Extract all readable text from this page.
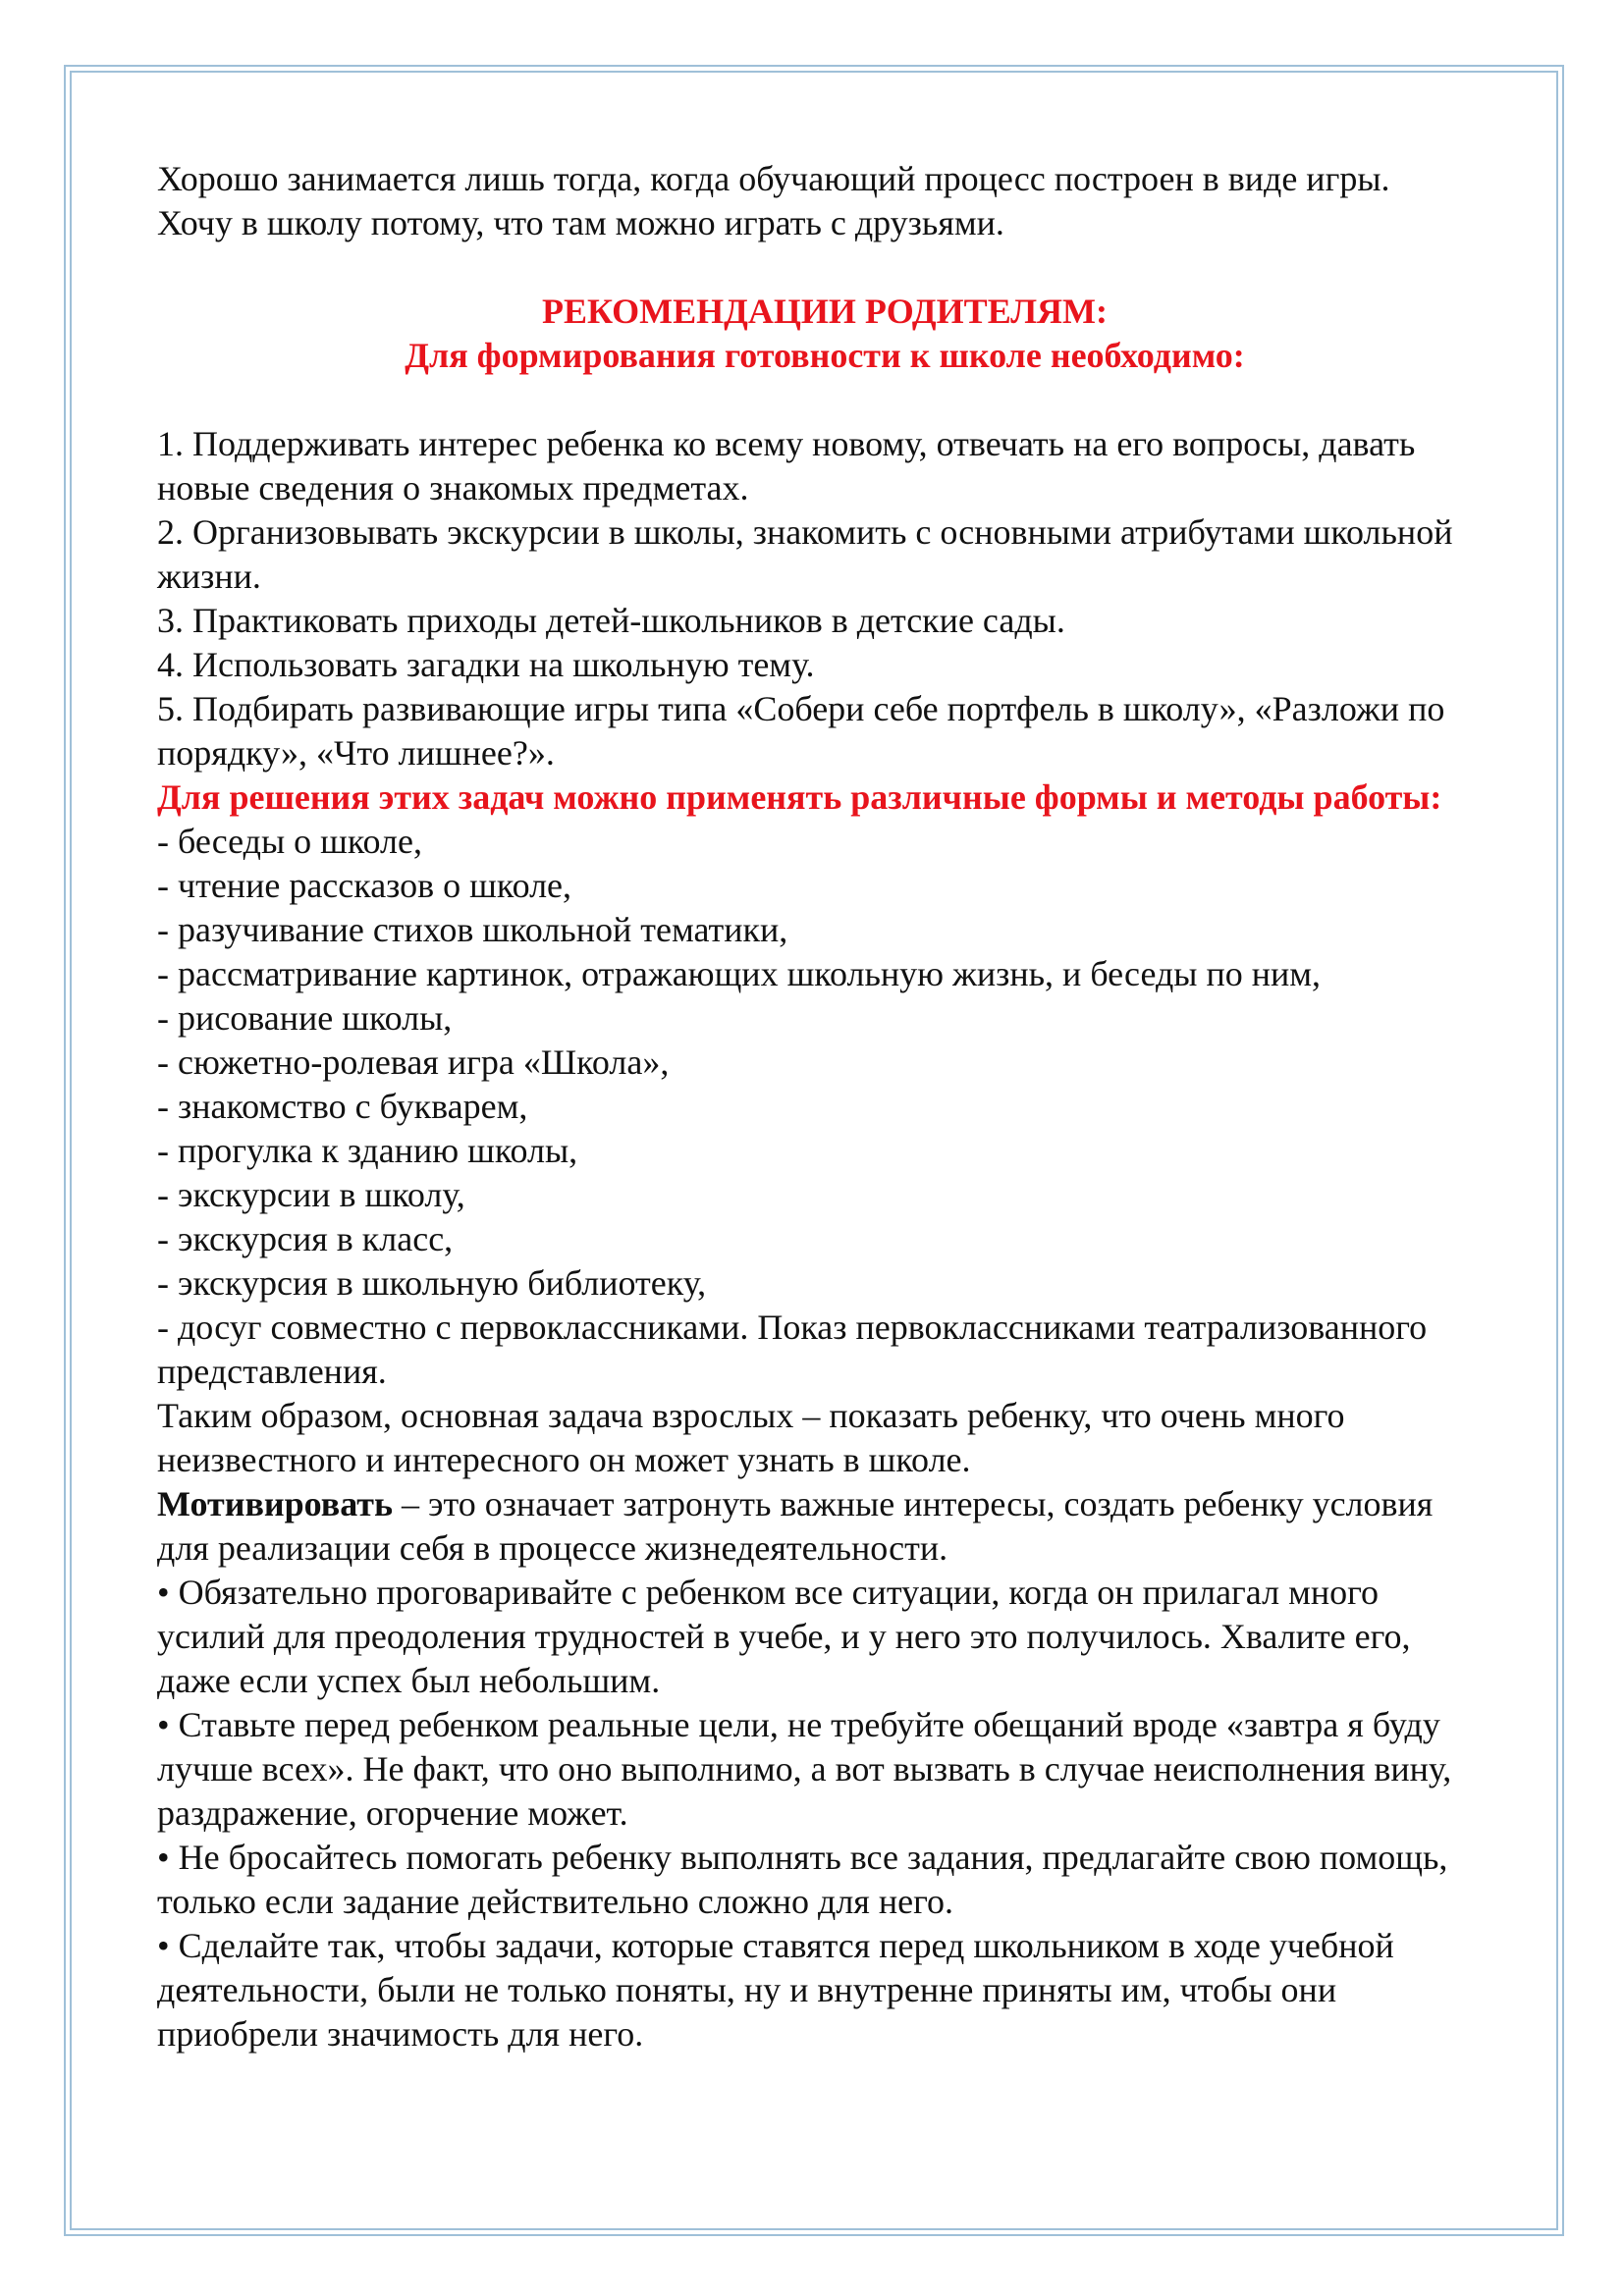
Хорошо занимается лишь тогда, когда обучающий процесс построен в виде игры.

Хочу в школу потому, что там можно играть с друзьями.

РЕКОМЕНДАЦИИ РОДИТЕЛЯМ:

Для формирования готовности к школе необходимо:

1. Поддерживать интерес ребенка ко всему новому, отвечать на его вопросы, давать новые сведения о знакомых предметах.

2. Организовывать экскурсии в школы, знакомить с основными атрибутами школьной жизни.

3. Практиковать приходы детей-школьников в детские сады.

4. Использовать загадки на школьную тему.

5. Подбирать развивающие игры типа «Собери себе портфель в школу», «Разложи по порядку», «Что лишнее?».

Для решения этих задач можно применять различные формы и методы работы:

- беседы о школе,

- чтение рассказов о школе,

- разучивание стихов школьной тематики,

- рассматривание картинок, отражающих школьную жизнь, и беседы по ним,

- рисование школы,

- сюжетно-ролевая игра «Школа»,

- знакомство с букварем,

- прогулка к зданию школы,

- экскурсии в школу,

- экскурсия в класс,

- экскурсия в школьную библиотеку,

- досуг совместно с первоклассниками. Показ первоклассниками театрализованного представления.

Таким образом, основная задача взрослых – показать ребенку, что очень много неизвестного и интересного он может узнать в школе.

Мотивировать – это означает затронуть важные интересы, создать ребенку условия для реализации себя в процессе жизнедеятельности.

• Обязательно проговаривайте с ребенком все ситуации, когда он прилагал много усилий для преодоления трудностей в учебе, и у него это получилось. Хвалите его, даже если успех был небольшим.

• Ставьте перед ребенком реальные цели, не требуйте обещаний вроде «завтра я буду лучше всех». Не факт, что оно выполнимо, а вот вызвать в случае неисполнения вину, раздражение, огорчение может.

• Не бросайтесь помогать ребенку выполнять все задания, предлагайте свою помощь, только если задание действительно сложно для него.

• Сделайте так, чтобы задачи, которые ставятся перед школьником в ходе учебной деятельности, были не только поняты, ну и внутренне приняты им, чтобы они приобрели значимость для него.
